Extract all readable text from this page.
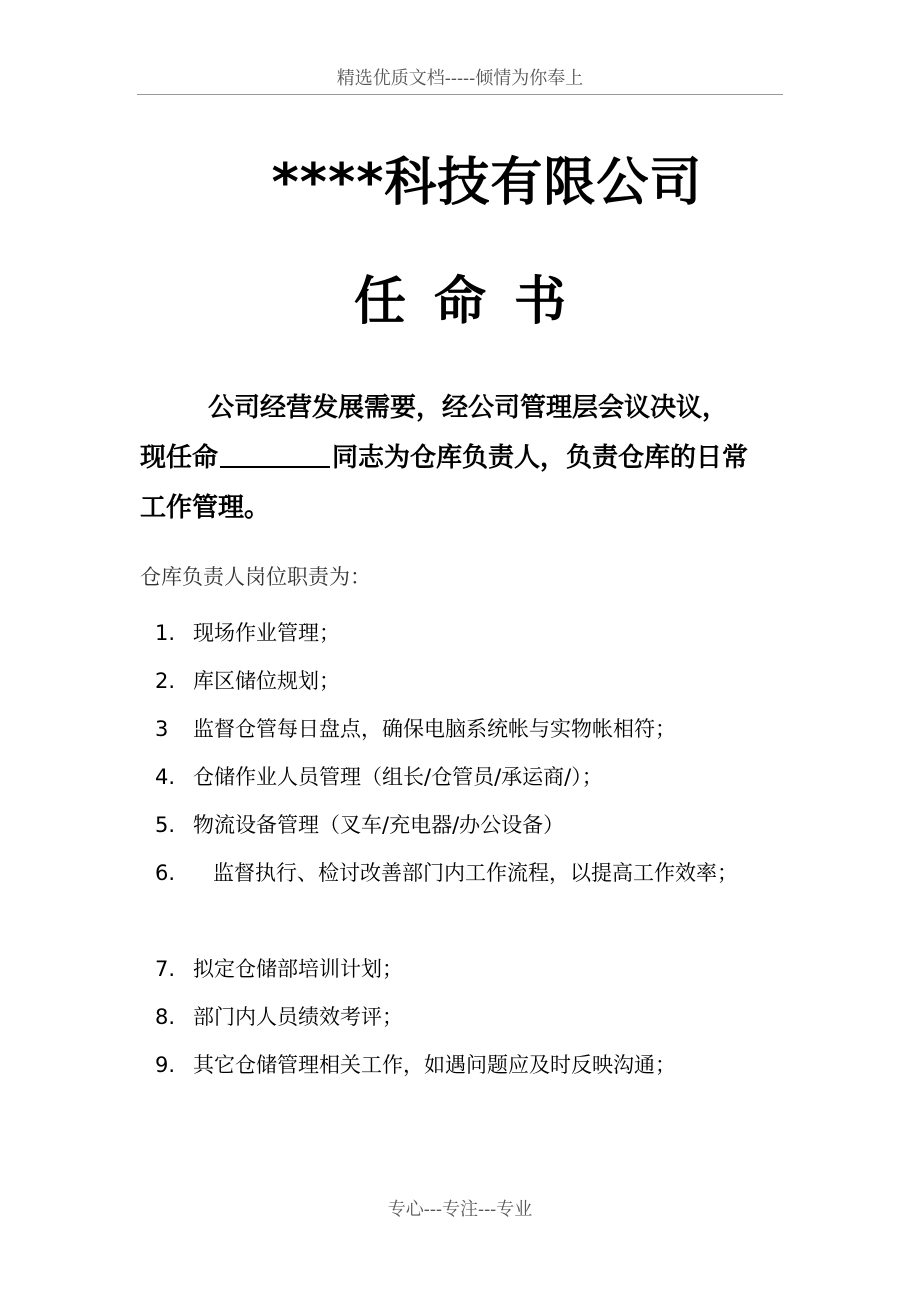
精选优质文档-----倾情为你奉上
****科技有限公司
任 命 书
公司经营发展需要，经公司管理层会议决议，
现任命	同志为仓库负责人，负责仓库的日常
工作管理。
仓库负责人岗位职责为：
1. 现场作业管理；
2. 库区储位规划；
3 监督仓管每日盘点，确保电脑系统帐与实物帐相符；
4. 仓储作业人员管理（组长/仓管员/承运商/）；
5. 物流设备管理（叉车/充电器/办公设备）
6. 监督执行、检讨改善部门内工作流程，以提高工作效率；
7. 拟定仓储部培训计划；
8. 部门内人员绩效考评；
9. 其它仓储管理相关工作，如遇问题应及时反映沟通；
专心---专注---专业
